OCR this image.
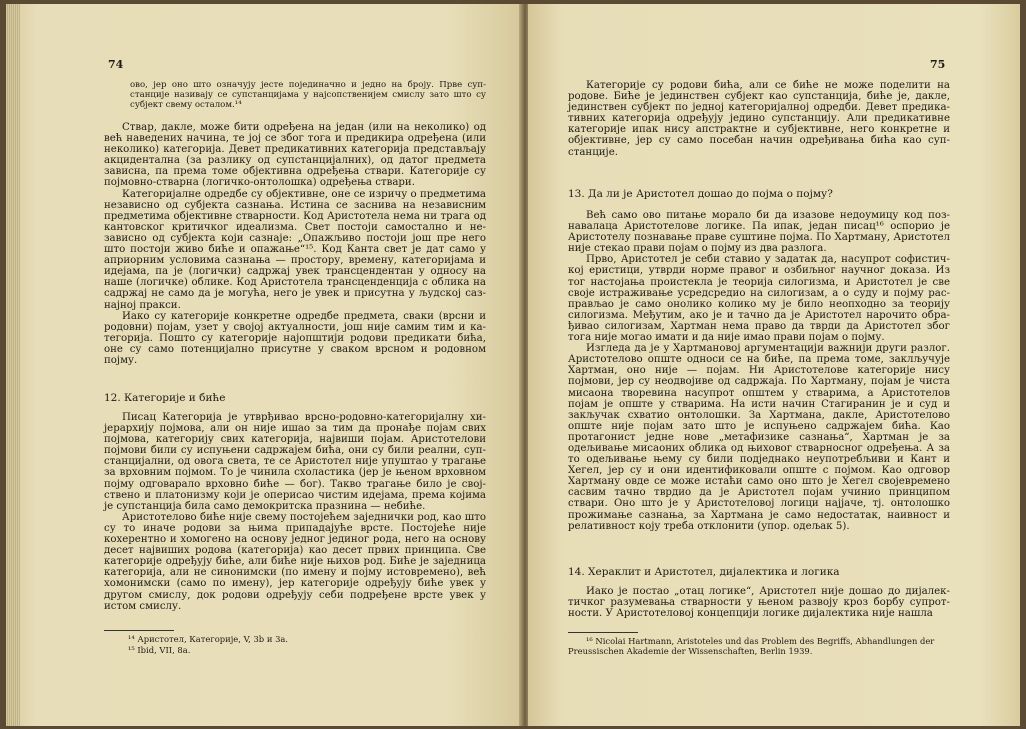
74

ово, јер оно што означују јесте појединачно и једно на броју. Прве супстанције називају се супстанцијама у најсопственијем смислу зато што су субјект свему осталом.¹⁴

Ствар, дакле, може бити одређена на један (или на неколико) од већ наведених начина, те јој се због тога и предикира одређена (или неколико) категорија. Девет предикативних категорија представљају акциденталнa (за разлику од супстанцијалних), од датог предмета зависна, па према томе објективна одређења ствари. Категорије су појмовно-стварна (логичко-онтолошка) одређења ствари.

Категоријалне одредбе су објективне, оне се изричу о предметима независно од субјекта сазнања. Истина се заснива на независним предметима објективне стварности. Код Аристотела нема ни трага од кантовског критичког идеализма. Свет постоји самостално и независно од субјекта који сазнаје: „Опажљиво постоји још пре него што постоји живо биће и опажање“¹⁵. Код Канта свет је дат само у априорним условима сазнања — простору, времену, категоријама и идејама, па је (логички) садржај увек трансцендентан у односу на наше (логичке) облике. Код Аристотела трансценденција с обликa на садржај не само да је могућа, него је увек и присутна у људској сазнајној пракси.

Иако су категорије конкретне одредбе предмета, сваки (врсни и родовни) појам, узет у својој актуалности, још није самим тим и категорија. Пошто су категорије најопштији родови предикати бића, оне су само потенцијално присутне у сваком врсном и родовном појму.

12. Категорије и биће

Писац Категорија је утврђивао врсно-родовно-категоријалну хијерархију појмова, али он није ишао за тим да пронађе појам свих појмова, категорију свих категорија, највиши појам. Аристотелови појмови били су испуњени садржајем бића, они су били реални, супстанцијални, од овога света, те се Аристотел није упуштао у трагање за врховним појмом. То је чинила схоластика (јер је њеном врховном појму одговарало врховно биће — бог). Такво трагање било је својствено и платонизму који је оперисао чистим идејама, према којима је супстанција била само демокритска празнина — небиће.

Аристотелово биће није свему постојећем заједнички род, као што су то иначе родови за њима припадајуће врсте. Постојеће није кохерентно и хомогено на основу једног јединог рода, него на основу десет највиших родова (категорија) као десет првих принципа. Све категорије одређују биће, али биће није њихов род. Биће је заједница категорија, али не синонимски (по имену и појму истовремено), већ хомонимски (само по имену), јер категорије одређују биће увек у другом смислу, док родови одређују себи подређене врсте увек у истом смислу.

¹⁴ Аристотел, Категорије, V, 3b и 3a.
¹⁵ Ibid, VII, 8a.
75

Категорије су родови бића, али се биће не може поделити на родове. Биће је јединствен субјект као супстанција, биће је, дакле, јединствен субјект по једној категоријалној одредби. Девет предикативних категорија одређују једино супстанцију. Али предикативне категорије ипак нису апстрактне и субјективне, него конкретне и објективне, јер су само посебан начин одређивања бића као супстанције.

13. Да ли је Аристотел дошао до појма о појму?

Већ само ово питање морало би да изазове недоумицу код познавалаца Аристотелове логике. Па ипак, један писац¹⁶ оспорио је Аристотелу познавање праве суштине појма. По Хартману, Аристотел није стекао прави појам о појму из два разлога.

Прво, Аристотел је себи ставио у задатак да, насупрот софистичкој еристици, утврди норме правог и озбиљног научног доказа. Из тог настојања проистекла је теорија силогизма, и Аристотел је све своје истраживање усредсредио на силогизам, а о суду и појму расправљао је само онолико колико му је било неопходно за теорију силогизма. Међутим, ако је и тачно да је Аристотел нарочито обрађивао силогизам, Хартман нема право да тврди да Аристотел због тога није могао имати и да није имао прави појам о појму.

Изгледа да је у Хартмановој аргументацији важнији други разлог. Аристотелово опште односи се на биће, па према томе, заклључује Хартман, оно није — појам. Ни Аристотелове категорије нису појмови, јер су неодвојиве од садржаја. По Хартману, појам је чиста мисаона творевина насупрот општем у стварима, а Аристотелов појам је опште у стварима. На исти начин Стагиранин је и суд и закључак схватио онтолошки. За Хартмана, дакле, Аристотелово опште није појам зато што је испуњено садржајем бића. Као протагонист једне нове „метафизике сазнања“, Хартман је за одељивање мисаоних облика од њиховог стварносног одређења. А за то одељивање њему су били подједнако неупотребљиви и Кант и Хегел, јер су и они идентификовали опште с појмом. Као одговор Хартману овде се може истаћи само оно што је Хегел својевремено сасвим тачно тврдио да је Аристотел појам учинио принципом ствари. Оно што је у Аристотеловој логици најјаче, тј. онтолошко прожимање сазнања, за Хартмана је само недостатак, наивност и релативност коју треба отклонити (упор. одељак 5).

14. Хераклит и Аристотел, дијалектика и логика

Иако је постао „отац логике“, Аристотел није дошао до дијалектичког разумевања стварности у њеном развоју кроз борбу супротности. У Аристотеловој концепцији логике дијалектика није нашла

¹⁶ Nicolai Hartmann, Aristoteles und das Problem des Begriffs, Abhandlungen der Preussischen Akademie der Wissenschaften, Berlin 1939.
